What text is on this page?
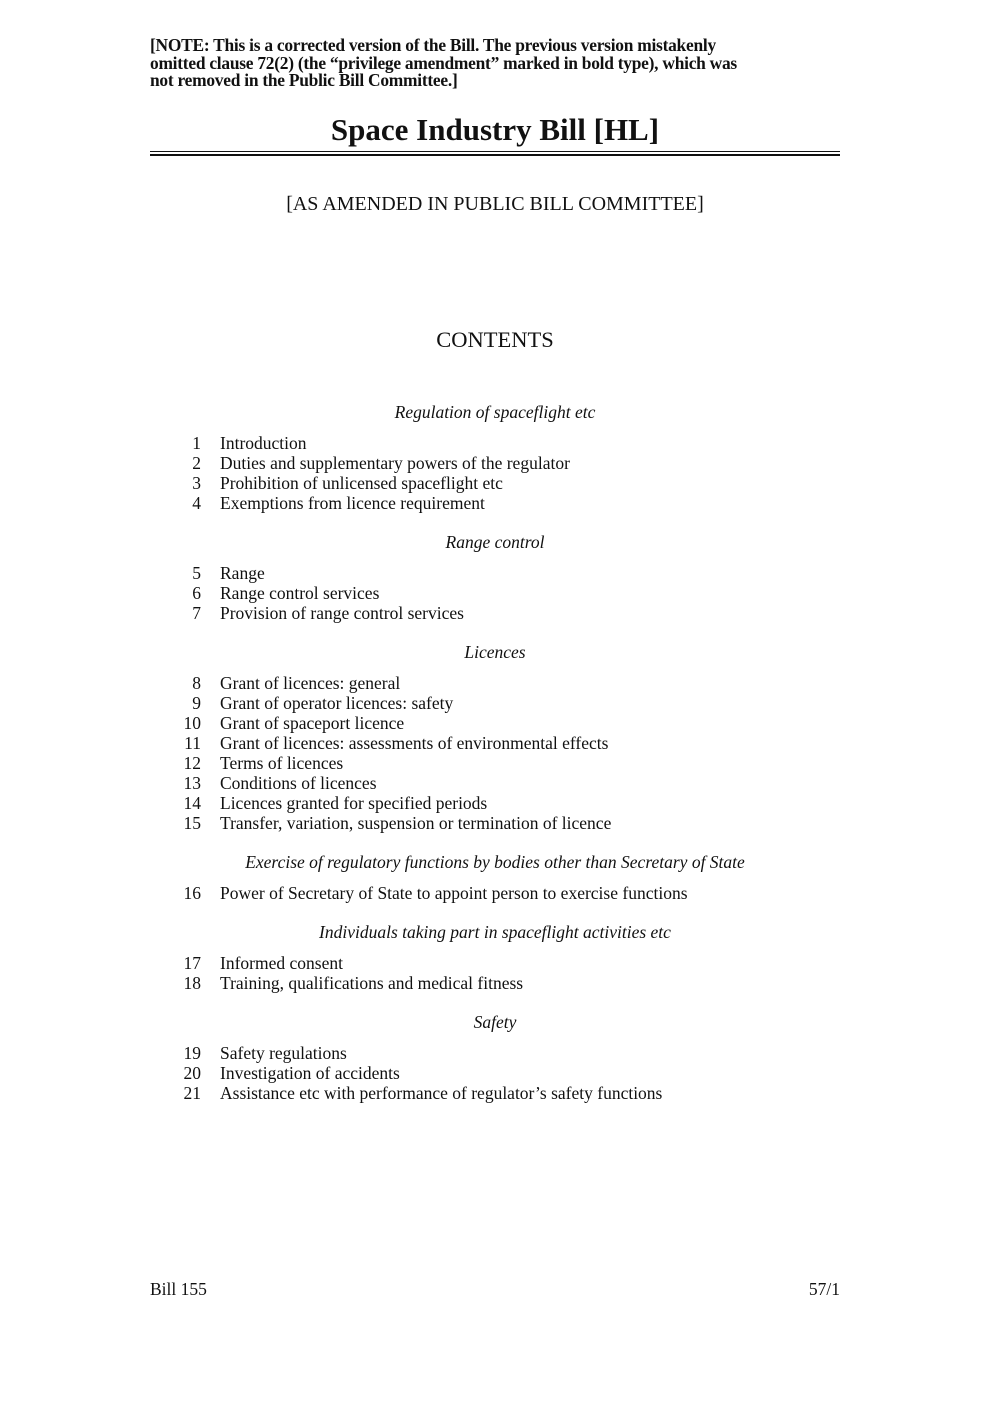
[NOTE: This is a corrected version of the Bill. The previous version mistakenly
omitted clause 72(2) (the “privilege amendment” marked in bold type), which was
not removed in the Public Bill Committee.]
Space Industry Bill [HL]
[AS AMENDED IN PUBLIC BILL COMMITTEE]
CONTENTS
Regulation of spaceflight etc
1 Introduction
2 Duties and supplementary powers of the regulator
3 Prohibition of unlicensed spaceflight etc
4 Exemptions from licence requirement
Range control
5 Range
6 Range control services
7 Provision of range control services
Licences
8 Grant of licences: general
9 Grant of operator licences: safety
10 Grant of spaceport licence
11 Grant of licences: assessments of environmental effects
12 Terms of licences
13 Conditions of licences
14 Licences granted for specified periods
15 Transfer, variation, suspension or termination of licence
Exercise of regulatory functions by bodies other than Secretary of State
16 Power of Secretary of State to appoint person to exercise functions
Individuals taking part in spaceflight activities etc
17 Informed consent
18 Training, qualifications and medical fitness
Safety
19 Safety regulations
20 Investigation of accidents
21 Assistance etc with performance of regulator’s safety functions
Bill 155	57/1
